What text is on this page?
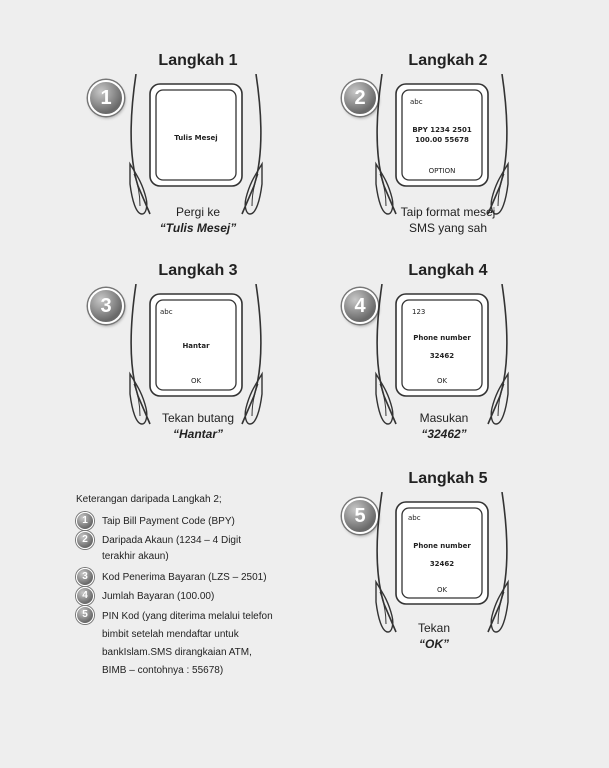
Langkah 1
1
Tulis Mesej
Pergi ke
“Tulis Mesej”
Langkah 2
2	abc
BPY 1234 2501
100.00 55678
OPTION
Taip format mesej
SMS yang sah
Langkah 3
3	abc
Hantar
OK
Tekan butang
“Hantar”
Langkah 4
4	123
Phone number
32462
OK
Masukan
“32462”
Langkah 5
5	abc
Phone number
32462
OK
Tekan
“OK”
Keterangan daripada Langkah 2;
1	Taip Bill Payment Code (BPY)
2	Daripada Akaun (1234 – 4 Digit terakhir akaun)
3	Kod Penerima Bayaran (LZS – 2501)
4	Jumlah Bayaran (100.00)
5	PIN Kod (yang diterima melalui telefon bimbit setelah mendaftar untuk bankIslam.SMS dirangkaian ATM, BIMB – contohnya : 55678)
